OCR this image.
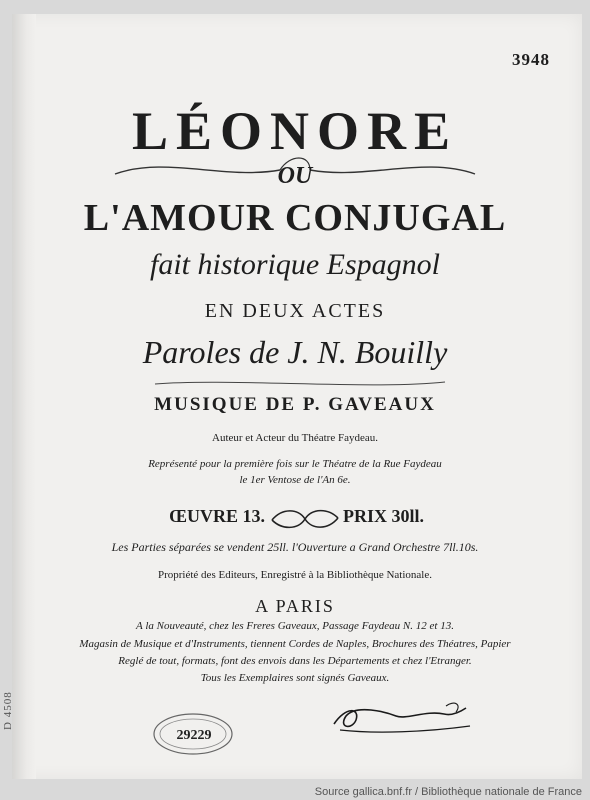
3948
LÉONORE
OU
L'AMOUR CONJUGAL
fait historique Espagnol
EN DEUX ACTES
Paroles de J. N. Bouilly
MUSIQUE DE P. GAVEAUX
Auteur et Acteur du Théatre Faydeau.
Représenté pour la première fois sur le Théatre de la Rue Faydeau
le 1er Ventose de l'An 6e.
ŒUVRE 13.	PRIX 30ll.
Les Parties séparées se vendent 25ll. l'Ouverture a Grand Orchestre 7ll.10s.
Propriété des Editeurs, Enregistré à la Bibliothèque Nationale.
A PARIS
A la Nouveauté, chez les Freres Gaveaux, Passage Faydeau N. 12 et 13.
Magasin de Musique et d'Instruments, tiennent Cordes de Naples, Brochures des Théatres, Papier
Reglé de tout, formats, font des envois dans les Départements et chez l'Etranger.
Tous les Exemplaires sont signés Gaveaux.
D 4508
29229
Source gallica.bnf.fr / Bibliothèque nationale de France
